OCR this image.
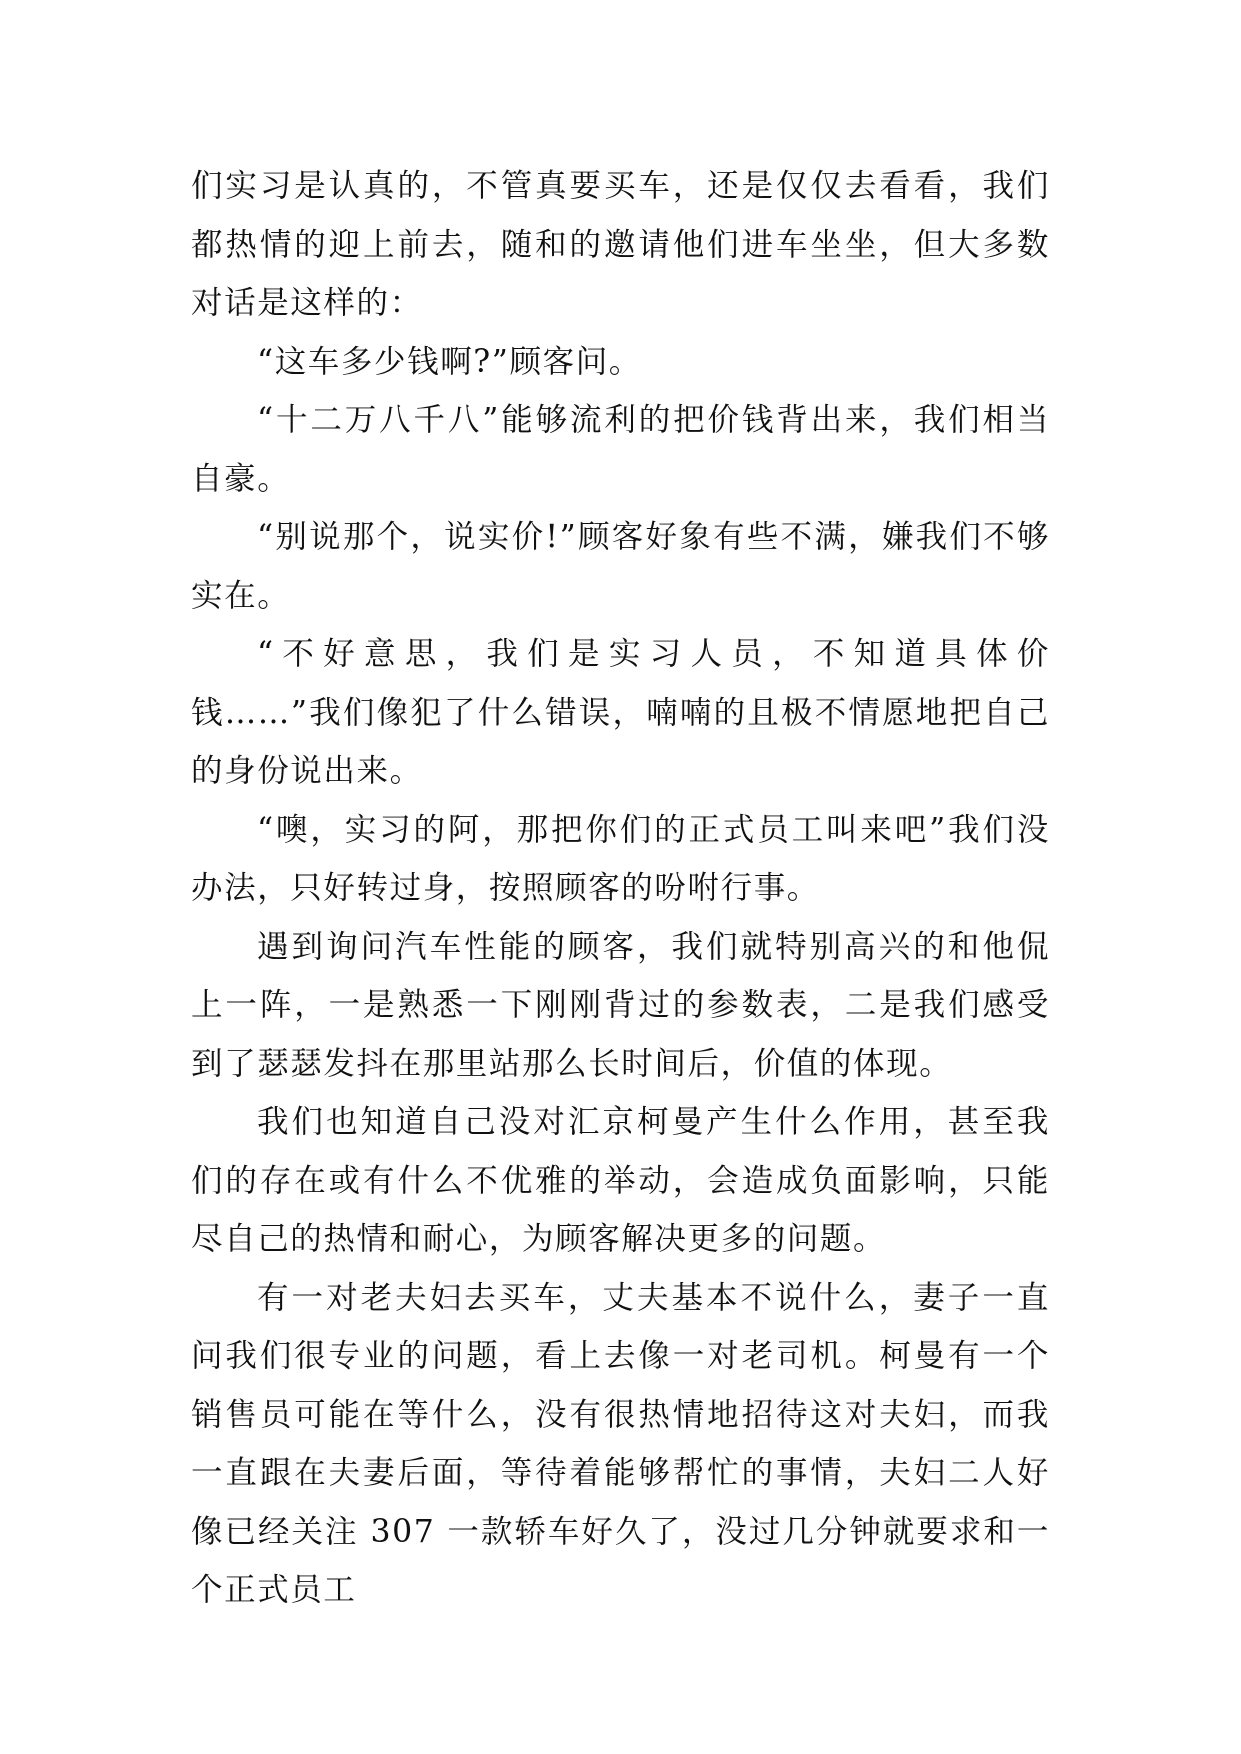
们实习是认真的，不管真要买车，还是仅仅去看看，我们都热情的迎上前去，随和的邀请他们进车坐坐，但大多数对话是这样的：

“这车多少钱啊?”顾客问。

“十二万八千八”能够流利的把价钱背出来，我们相当自豪。

“别说那个，说实价!”顾客好象有些不满，嫌我们不够实在。

“不好意思，我们是实习人员，不知道具体价钱……”我们像犯了什么错误，喃喃的且极不情愿地把自己的身份说出来。

“噢，实习的阿，那把你们的正式员工叫来吧”我们没办法，只好转过身，按照顾客的吩咐行事。

遇到询问汽车性能的顾客，我们就特别高兴的和他侃上一阵，一是熟悉一下刚刚背过的参数表，二是我们感受到了瑟瑟发抖在那里站那么长时间后，价值的体现。

我们也知道自己没对汇京柯曼产生什么作用，甚至我们的存在或有什么不优雅的举动，会造成负面影响，只能尽自己的热情和耐心，为顾客解决更多的问题。

有一对老夫妇去买车，丈夫基本不说什么，妻子一直问我们很专业的问题，看上去像一对老司机。柯曼有一个销售员可能在等什么，没有很热情地招待这对夫妇，而我一直跟在夫妻后面，等待着能够帮忙的事情，夫妇二人好像已经关注 307 一款轿车好久了，没过几分钟就要求和一个正式员工
